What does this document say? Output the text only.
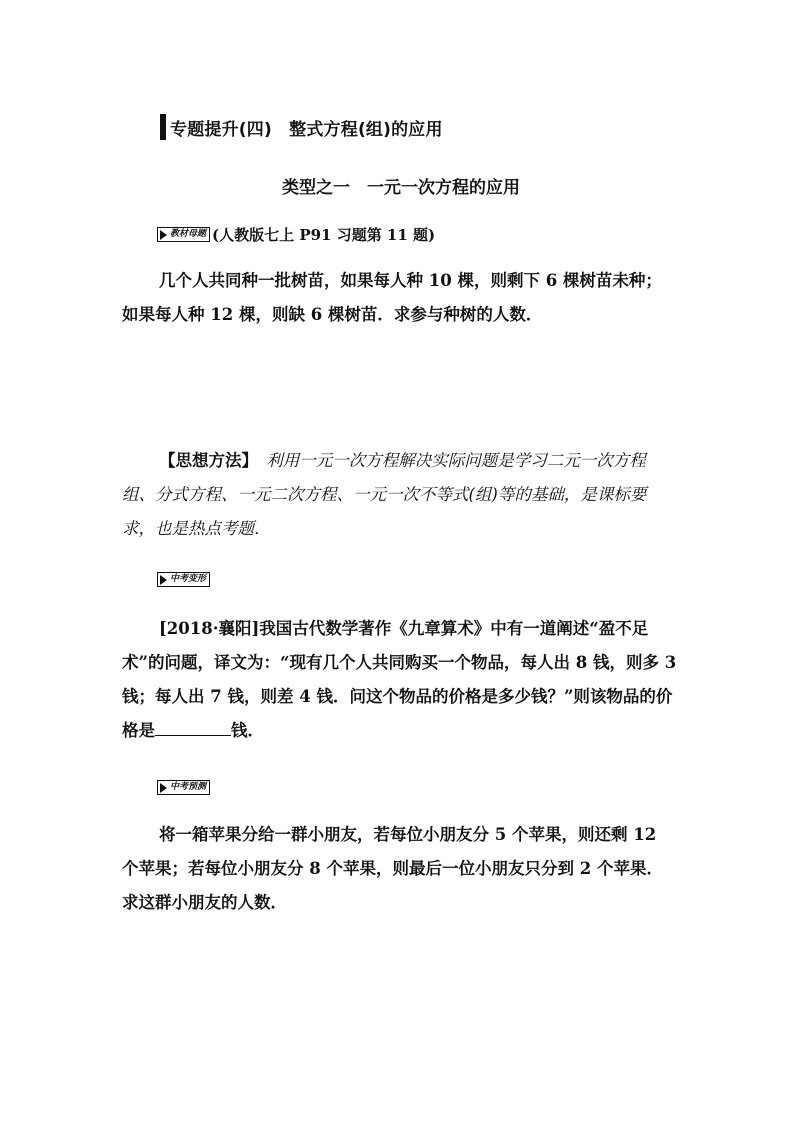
专题提升(四)　整式方程(组)的应用
类型之一　一元一次方程的应用
教材母题 (人教版七上 P91 习题第 11 题)

几个人共同种一批树苗，如果每人种 10 棵，则剩下 6 棵树苗未种；如果每人种 12 棵，则缺 6 棵树苗．求参与种树的人数．

【思想方法】　利用一元一次方程解决实际问题是学习二元一次方程组、分式方程、一元二次方程、一元一次不等式(组)等的基础，是课标要求，也是热点考题．

中考变形

[2018·襄阳]我国古代数学著作《九章算术》中有一道阐述“盈不足术”的问题，译文为：“现有几个人共同购买一个物品，每人出 8 钱，则多 3 钱；每人出 7 钱，则差 4 钱．问这个物品的价格是多少钱？”则该物品的价格是	钱．

中考预测

将一箱苹果分给一群小朋友，若每位小朋友分 5 个苹果，则还剩 12 个苹果；若每位小朋友分 8 个苹果，则最后一位小朋友只分到 2 个苹果．求这群小朋友的人数．
